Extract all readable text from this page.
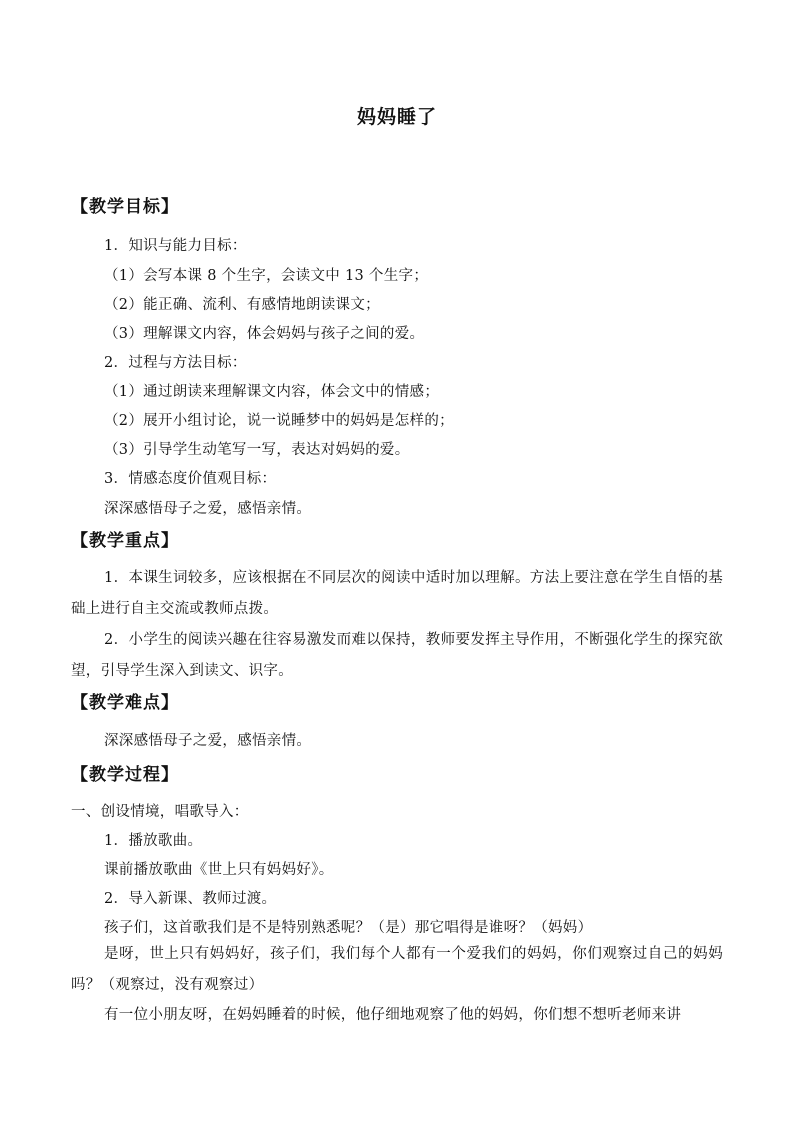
妈妈睡了
【教学目标】
1．知识与能力目标：
（1）会写本课 8 个生字，会读文中 13 个生字；
（2）能正确、流利、有感情地朗读课文；
（3）理解课文内容，体会妈妈与孩子之间的爱。
2．过程与方法目标：
（1）通过朗读来理解课文内容，体会文中的情感；
（2）展开小组讨论，说一说睡梦中的妈妈是怎样的；
（3）引导学生动笔写一写，表达对妈妈的爱。
3．情感态度价值观目标：
深深感悟母子之爱，感悟亲情。
【教学重点】
1．本课生词较多，应该根据在不同层次的阅读中适时加以理解。方法上要注意在学生自悟的基础上进行自主交流或教师点拨。
2．小学生的阅读兴趣在往容易激发而难以保持，教师要发挥主导作用，不断强化学生的探究欲望，引导学生深入到读文、识字。
【教学难点】
深深感悟母子之爱，感悟亲情。
【教学过程】
一、创设情境，唱歌导入：
1．播放歌曲。
课前播放歌曲《世上只有妈妈好》。
2．导入新课、教师过渡。
孩子们，这首歌我们是不是特别熟悉呢？（是）那它唱得是谁呀？（妈妈）
是呀，世上只有妈妈好，孩子们，我们每个人都有一个爱我们的妈妈，你们观察过自己的妈妈吗？（观察过，没有观察过）
有一位小朋友呀，在妈妈睡着的时候，他仔细地观察了他的妈妈，你们想不想听老师来讲
